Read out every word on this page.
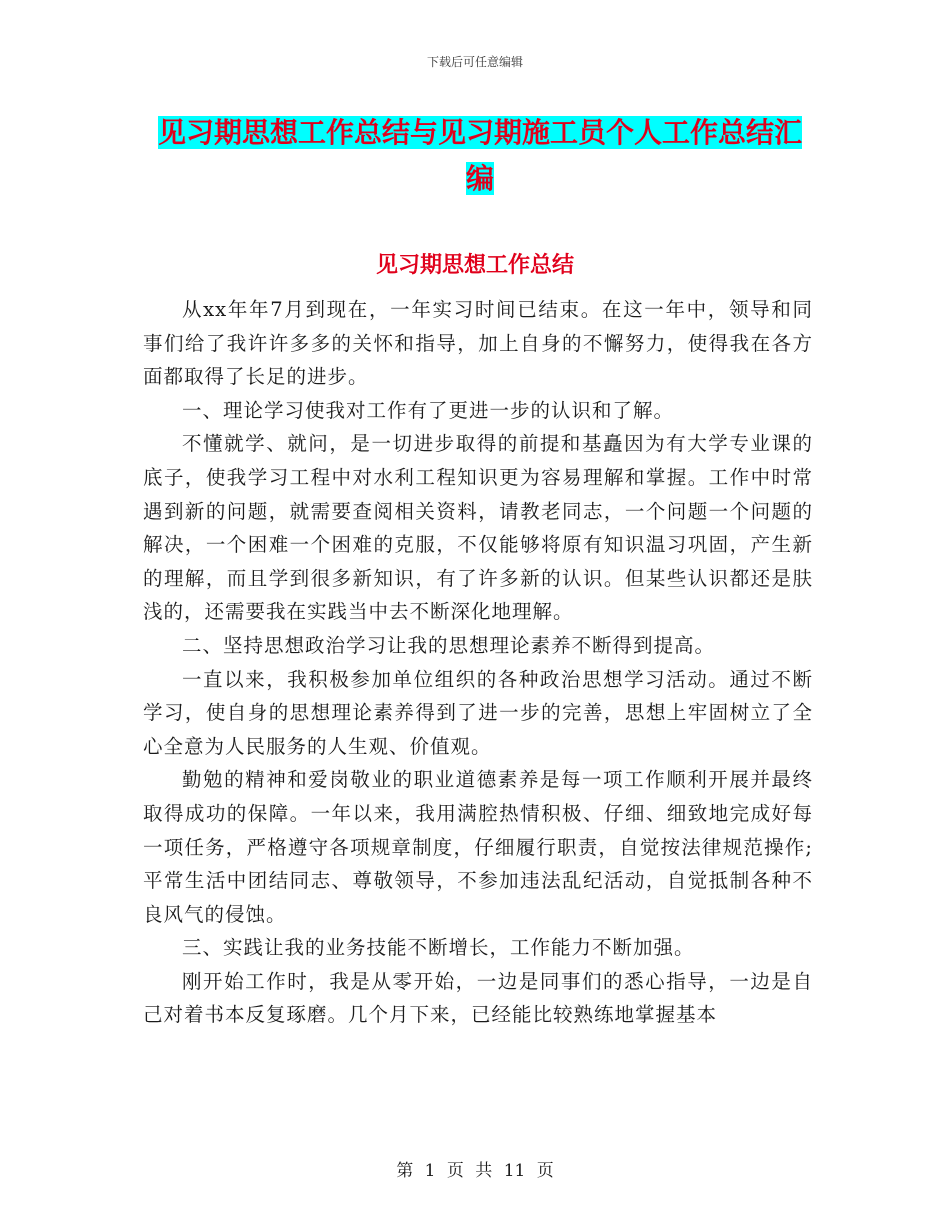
下载后可任意编辑
见习期思想工作总结与见习期施工员个人工作总结汇
编
见习期思想工作总结

从xx年年7月到现在，一年实习时间已结束。在这一年中，领导和同事们给了我许许多多的关怀和指导，加上自身的不懈努力，使得我在各方面都取得了长足的进步。

一、理论学习使我对工作有了更进一步的认识和了解。

不懂就学、就问，是一切进步取得的前提和基矗因为有大学专业课的底子，使我学习工程中对水利工程知识更为容易理解和掌握。工作中时常遇到新的问题，就需要查阅相关资料，请教老同志，一个问题一个问题的解决，一个困难一个困难的克服，不仅能够将原有知识温习巩固，产生新的理解，而且学到很多新知识，有了许多新的认识。但某些认识都还是肤浅的，还需要我在实践当中去不断深化地理解。

二、坚持思想政治学习让我的思想理论素养不断得到提高。

一直以来，我积极参加单位组织的各种政治思想学习活动。通过不断学习，使自身的思想理论素养得到了进一步的完善，思想上牢固树立了全心全意为人民服务的人生观、价值观。

勤勉的精神和爱岗敬业的职业道德素养是每一项工作顺利开展并最终取得成功的保障。一年以来，我用满腔热情积极、仔细、细致地完成好每一项任务，严格遵守各项规章制度，仔细履行职责，自觉按法律规范操作;平常生活中团结同志、尊敬领导，不参加违法乱纪活动，自觉抵制各种不良风气的侵蚀。

三、实践让我的业务技能不断增长，工作能力不断加强。

刚开始工作时，我是从零开始，一边是同事们的悉心指导，一边是自己对着书本反复琢磨。几个月下来，已经能比较熟练地掌握基本

第 1 页 共 11 页
